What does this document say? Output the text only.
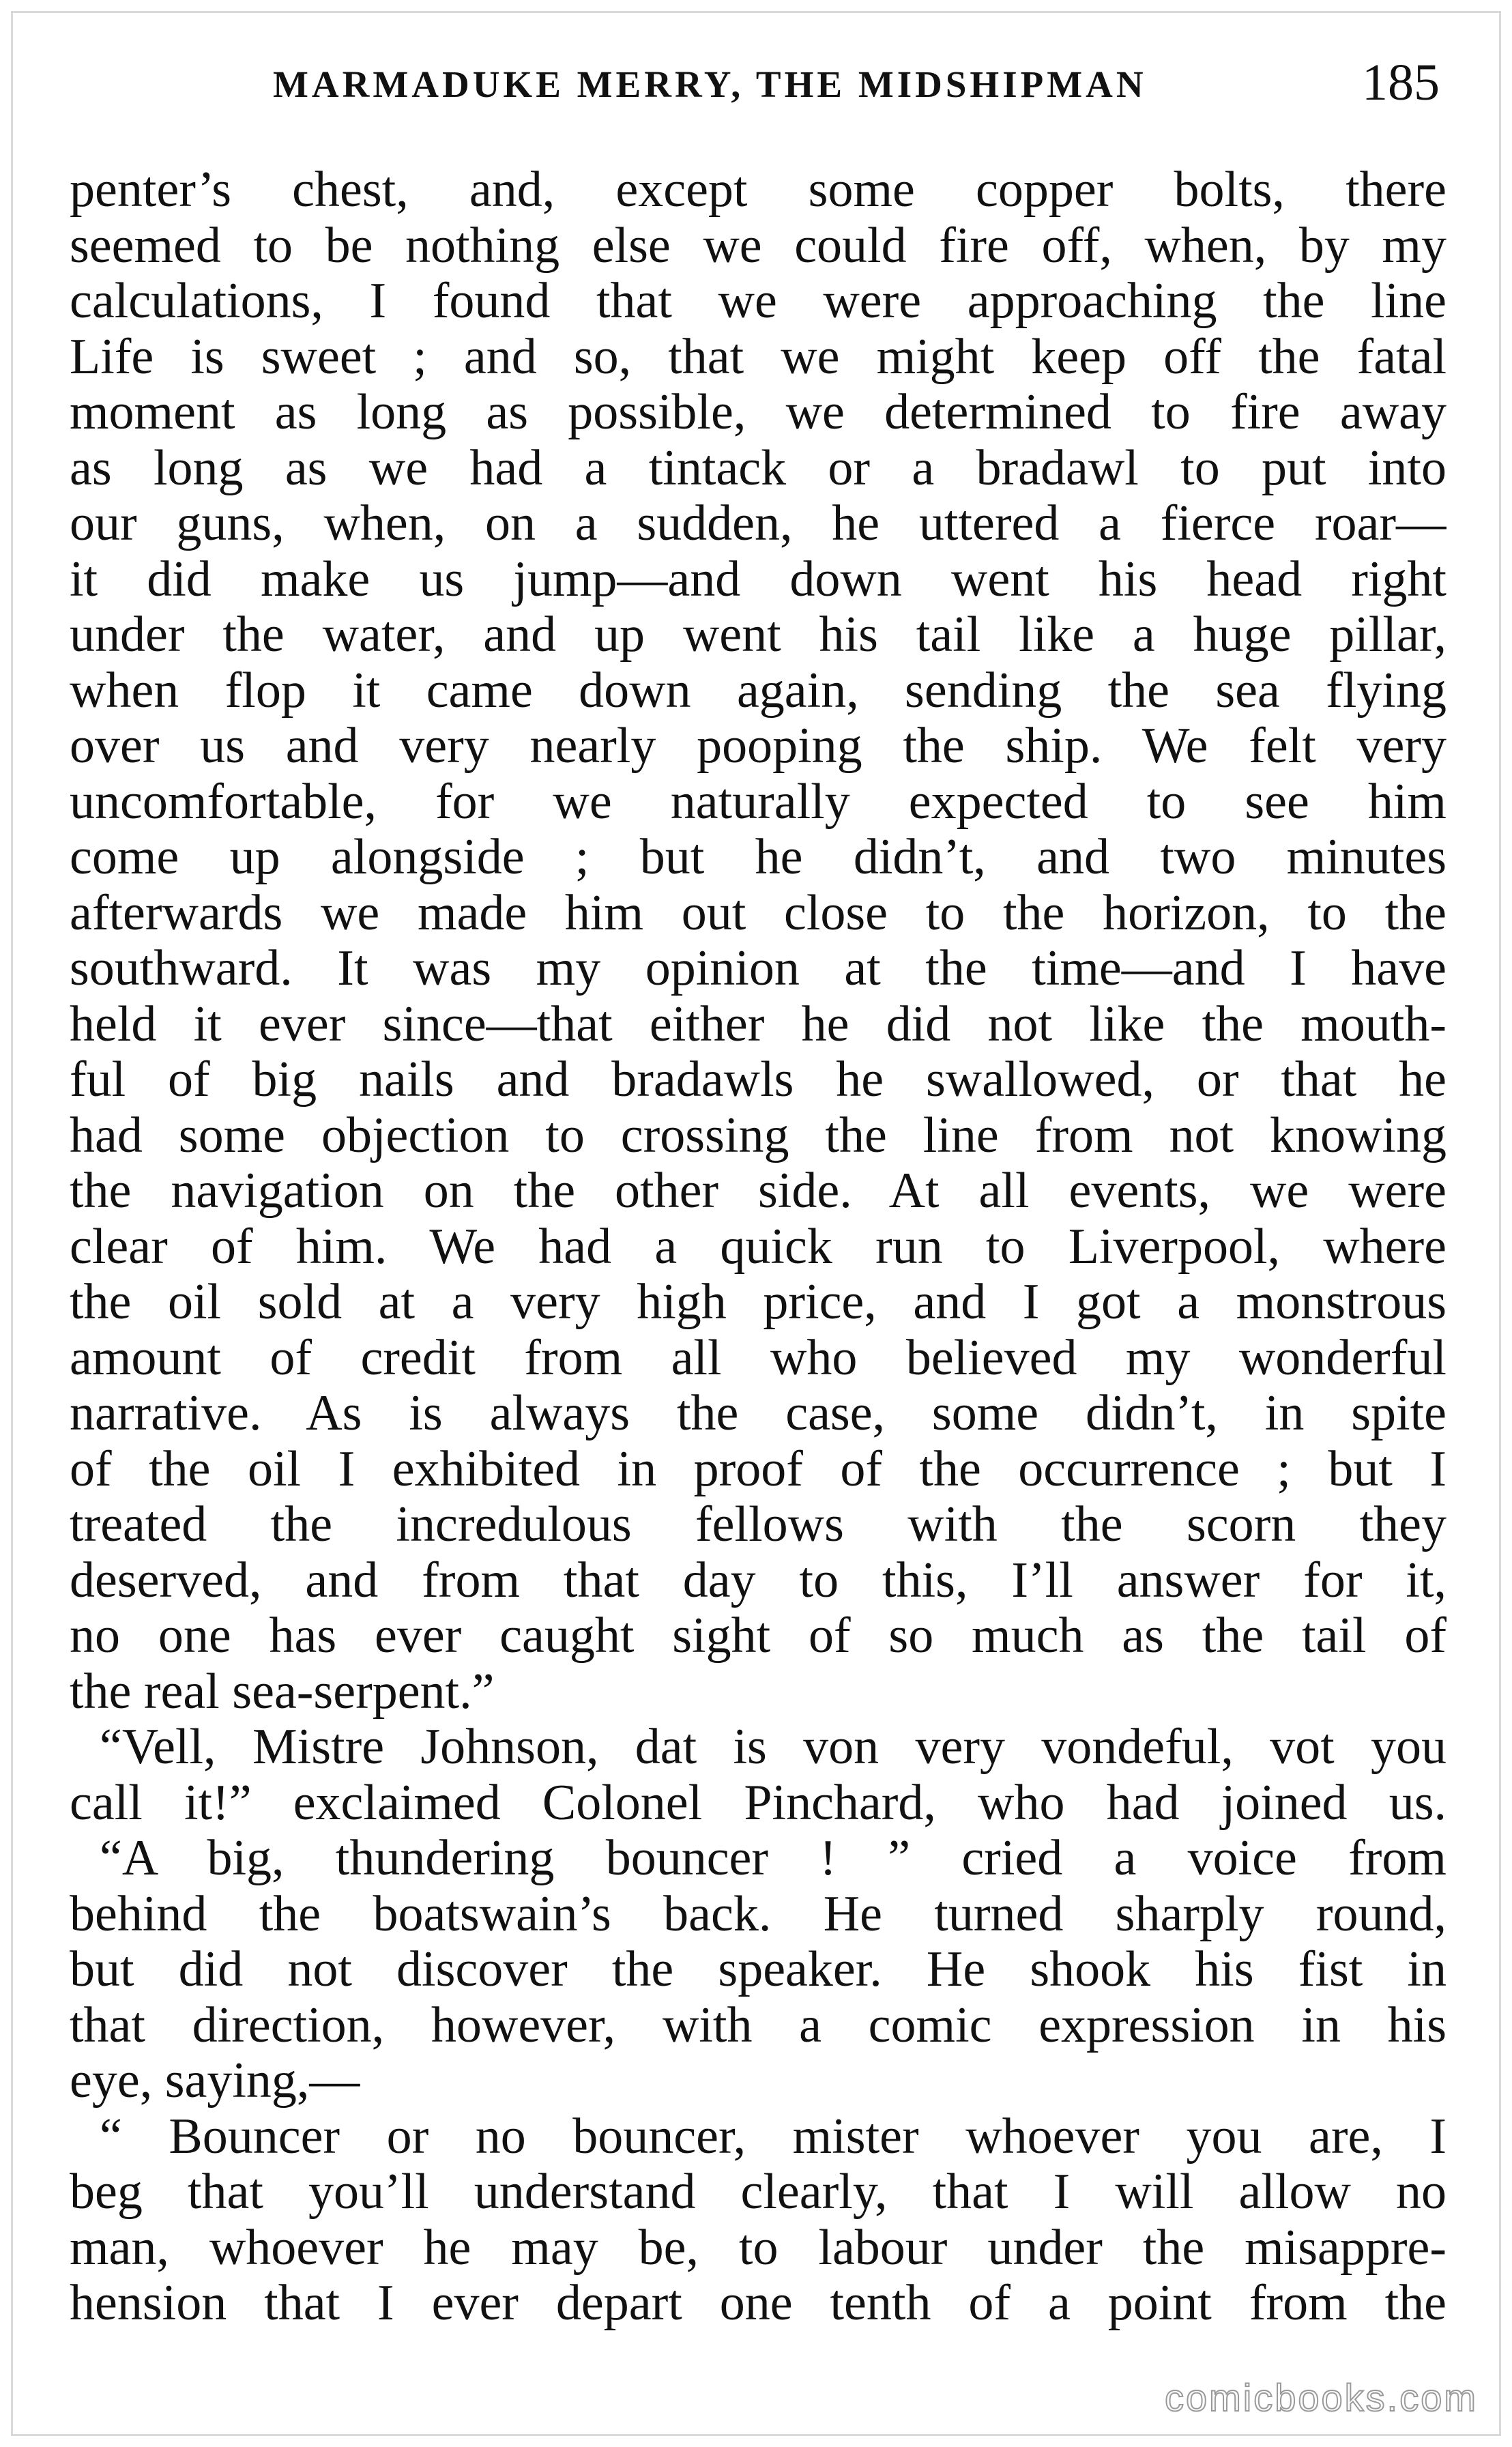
MARMADUKE MERRY, THE MIDSHIPMAN	185
penter’s chest, and, except some copper bolts, there
seemed to be nothing else we could fire off, when, by my
calculations, I found that we were approaching the line
Life is sweet ; and so, that we might keep off the fatal
moment as long as possible, we determined to fire away
as long as we had a tintack or a bradawl to put into
our guns, when, on a sudden, he uttered a fierce roar—
it did make us jump—and down went his head right
under the water, and up went his tail like a huge pillar,
when flop it came down again, sending the sea flying
over us and very nearly pooping the ship. We felt very
uncomfortable, for we naturally expected to see him
come up alongside ; but he didn’t, and two minutes
afterwards we made him out close to the horizon, to the
southward. It was my opinion at the time—and I have
held it ever since—that either he did not like the mouth-
ful of big nails and bradawls he swallowed, or that he
had some objection to crossing the line from not knowing
the navigation on the other side. At all events, we were
clear of him. We had a quick run to Liverpool, where
the oil sold at a very high price, and I got a monstrous
amount of credit from all who believed my wonderful
narrative. As is always the case, some didn’t, in spite
of the oil I exhibited in proof of the occurrence ; but I
treated the incredulous fellows with the scorn they
deserved, and from that day to this, I’ll answer for it,
no one has ever caught sight of so much as the tail of
the real sea-serpent.”
“Vell, Mistre Johnson, dat is von very vondeful, vot you
call it!” exclaimed Colonel Pinchard, who had joined us.
“A big, thundering bouncer ! ” cried a voice from
behind the boatswain’s back. He turned sharply round,
but did not discover the speaker. He shook his fist in
that direction, however, with a comic expression in his
eye, saying,—
“ Bouncer or no bouncer, mister whoever you are, I
beg that you’ll understand clearly, that I will allow no
man, whoever he may be, to labour under the misappre-
hension that I ever depart one tenth of a point from the
comicbooks.com
